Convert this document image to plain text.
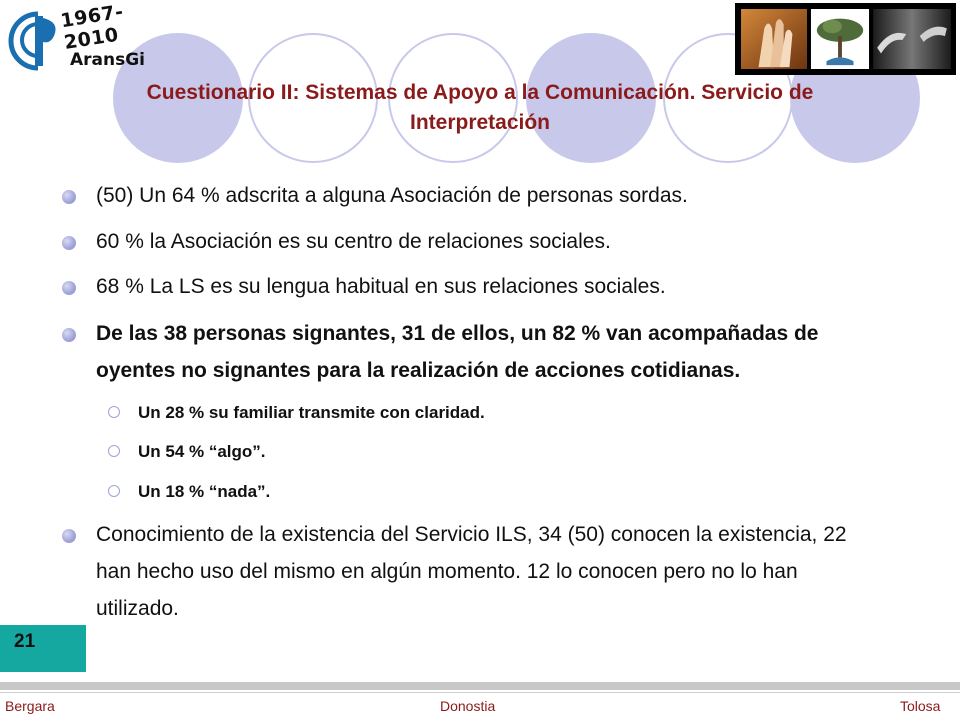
1967-2010
AransGi
Cuestionario II: Sistemas de Apoyo a la Comunicación. Servicio de Interpretación
(50) Un 64 % adscrita a alguna Asociación de personas sordas.
60 % la Asociación es su centro de relaciones sociales.
68 % La LS es su lengua habitual en sus relaciones sociales.
De las 38 personas signantes, 31 de ellos, un 82 % van acompañadas de
oyentes no signantes para la realización de acciones cotidianas.
Un 28 % su familiar transmite con claridad.
Un 54 % “algo”.
Un 18 % “nada”.
Conocimiento de la existencia del Servicio ILS, 34 (50) conocen la existencia, 22
han hecho uso del mismo en algún momento. 12 lo conocen pero no lo han
utilizado.
21
Bergara	Donostia	Tolosa
